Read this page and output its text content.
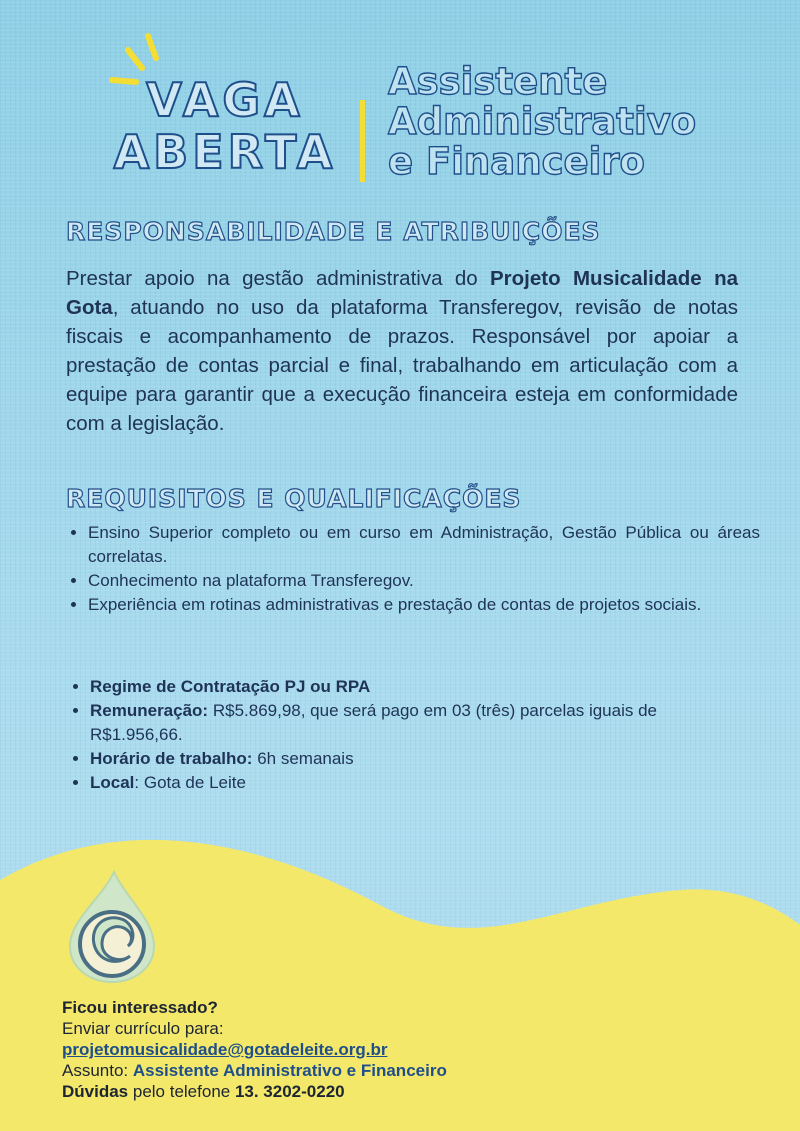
VAGA
ABERTA
Assistente
Administrativo
e Financeiro
RESPONSABILIDADE E ATRIBUIÇÕES

Prestar apoio na gestão administrativa do Projeto Musicalidade na Gota, atuando no uso da plataforma Transferegov, revisão de notas fiscais e acompanhamento de prazos. Responsável por apoiar a prestação de contas parcial e final, trabalhando em articulação com a equipe para garantir que a execução financeira esteja em conformidade com a legislação.

REQUISITOS E QUALIFICAÇÕES
• Ensino Superior completo ou em curso em Administração, Gestão Pública ou áreas correlatas.
• Conhecimento na plataforma Transferegov.
• Experiência em rotinas administrativas e prestação de contas de projetos sociais.
• Regime de Contratação PJ ou RPA
• Remuneração: R$5.869,98, que será pago em 03 (três) parcelas iguais de R$1.956,66.
• Horário de trabalho: 6h semanais
• Local: Gota de Leite
Ficou interessado?
Enviar currículo para:
projetomusicalidade@gotadeleite.org.br
Assunto: Assistente Administrativo e Financeiro
Dúvidas pelo telefone 13. 3202-0220
